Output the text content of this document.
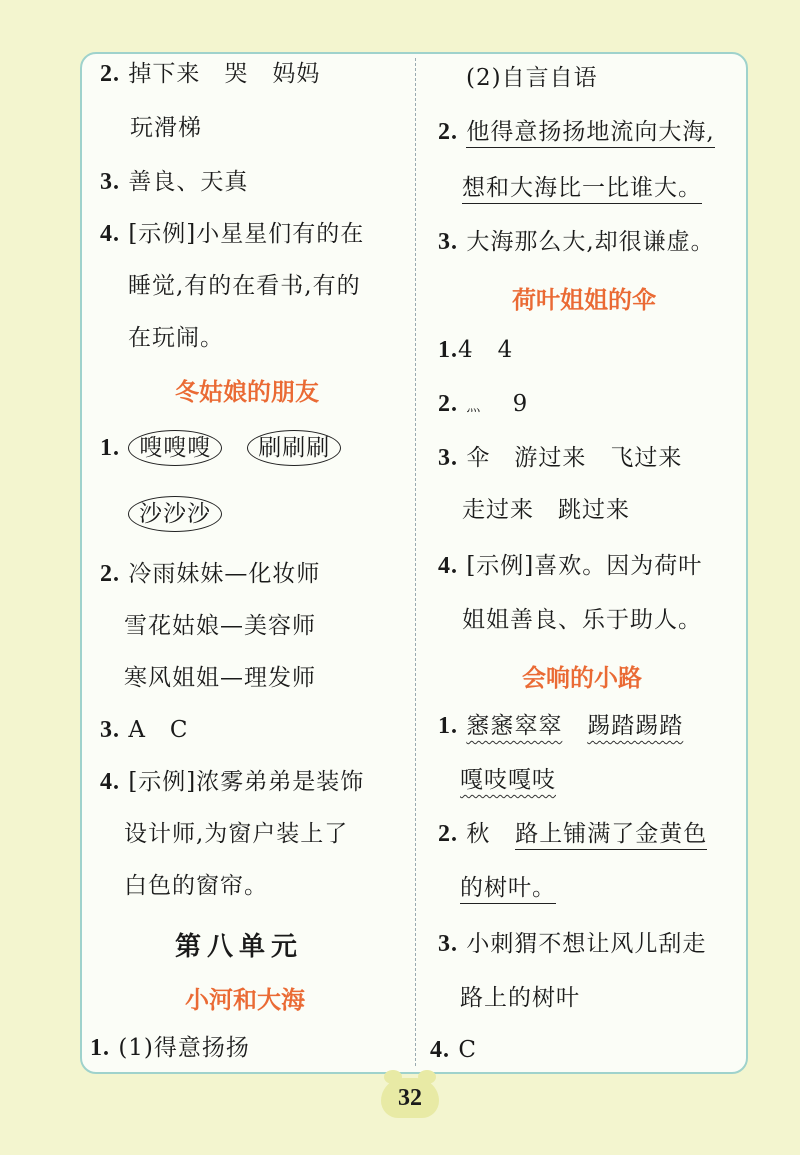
2. 掉下来　哭　妈妈
玩滑梯
3. 善良、天真
4. [示例]小星星们有的在
睡觉,有的在看书,有的
在玩闹。
冬姑娘的朋友
1. 嗖嗖嗖 刷刷刷
沙沙沙
2. 冷雨妹妹—化妆师
雪花姑娘—美容师
寒风姐姐—理发师
3. A　C
4. [示例]浓雾弟弟是装饰
设计师,为窗户装上了
白色的窗帘。
第八单元
小河和大海
1. (1)得意扬扬
(2)自言自语
2. 他得意扬扬地流向大海,
想和大海比一比谁大。
3. 大海那么大,却很谦虚。
荷叶姐姐的伞
1.4　4
2. 灬 9
3. 伞　游过来　飞过来
走过来　跳过来
4. [示例]喜欢。因为荷叶
姐姐善良、乐于助人。
会响的小路
1. 窸窸窣窣 踢踏踢踏
嘎吱嘎吱
2. 秋 路上铺满了金黄色
的树叶。
3. 小刺猬不想让风儿刮走
路上的树叶
4. C
32
